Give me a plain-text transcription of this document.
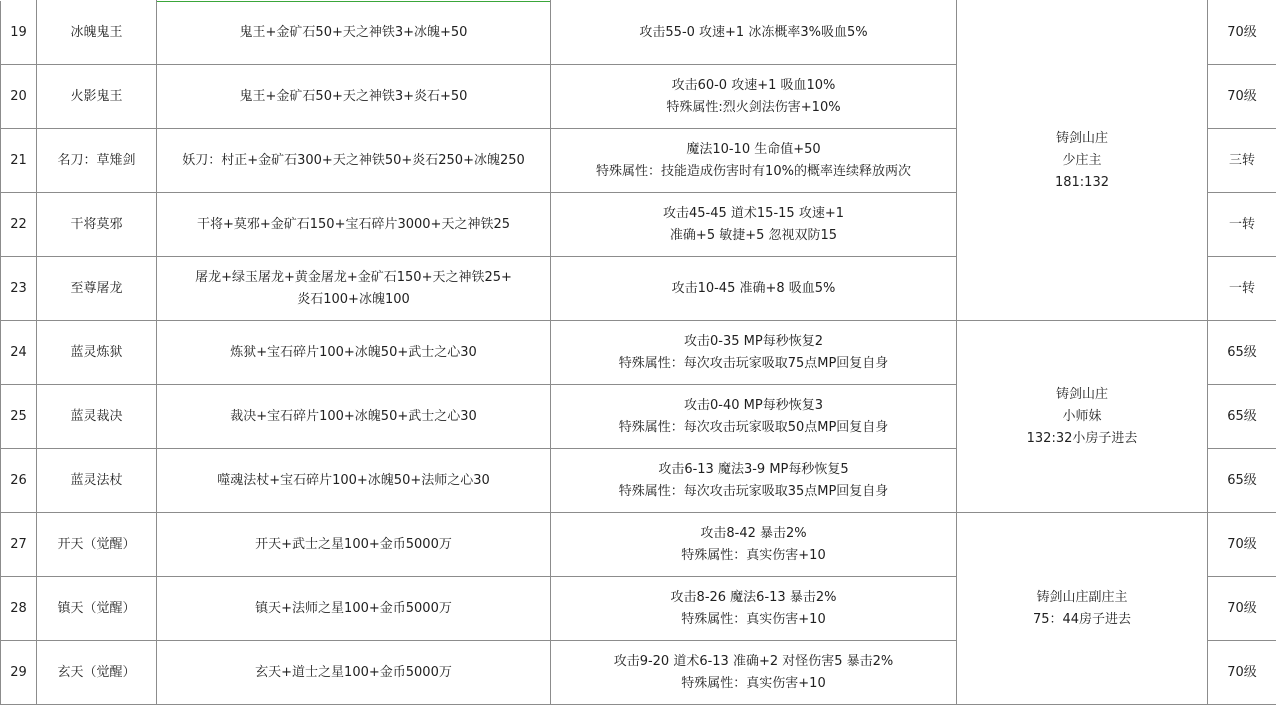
19	冰魄鬼王	鬼王+金矿石50+天之神铁3+冰魄+50	攻击55-0 攻速+1 冰冻概率3%吸血5%	铸剑山庄
少庄主
181:132	70级
20	火影鬼王	鬼王+金矿石50+天之神铁3+炎石+50	攻击60-0 攻速+1 吸血10%
特殊属性:烈火剑法伤害+10%		70级
21	名刀：草雉剑	妖刀：村正+金矿石300+天之神铁50+炎石250+冰魄250	魔法10-10 生命值+50
特殊属性：技能造成伤害时有10%的概率连续释放两次		三转
22	干将莫邪	干将+莫邪+金矿石150+宝石碎片3000+天之神铁25	攻击45-45 道术15-15 攻速+1
准确+5 敏捷+5 忽视双防15		一转
23	至尊屠龙	屠龙+绿玉屠龙+黄金屠龙+金矿石150+天之神铁25+
炎石100+冰魄100	攻击10-45 准确+8 吸血5%		一转
24	蓝灵炼狱	炼狱+宝石碎片100+冰魄50+武士之心30	攻击0-35 MP每秒恢复2
特殊属性：每次攻击玩家吸取75点MP回复自身	铸剑山庄
小师妹
132:32小房子进去	65级
25	蓝灵裁决	裁决+宝石碎片100+冰魄50+武士之心30	攻击0-40 MP每秒恢复3
特殊属性：每次攻击玩家吸取50点MP回复自身		65级
26	蓝灵法杖	噬魂法杖+宝石碎片100+冰魄50+法师之心30	攻击6-13 魔法3-9 MP每秒恢复5
特殊属性：每次攻击玩家吸取35点MP回复自身		65级
27	开天（觉醒）	开天+武士之星100+金币5000万	攻击8-42 暴击2%
特殊属性：真实伤害+10	铸剑山庄副庄主
75：44房子进去	70级
28	镇天（觉醒）	镇天+法师之星100+金币5000万	攻击8-26 魔法6-13 暴击2%
特殊属性：真实伤害+10		70级
29	玄天（觉醒）	玄天+道士之星100+金币5000万	攻击9-20 道术6-13 准确+2 对怪伤害5 暴击2%
特殊属性：真实伤害+10		70级
